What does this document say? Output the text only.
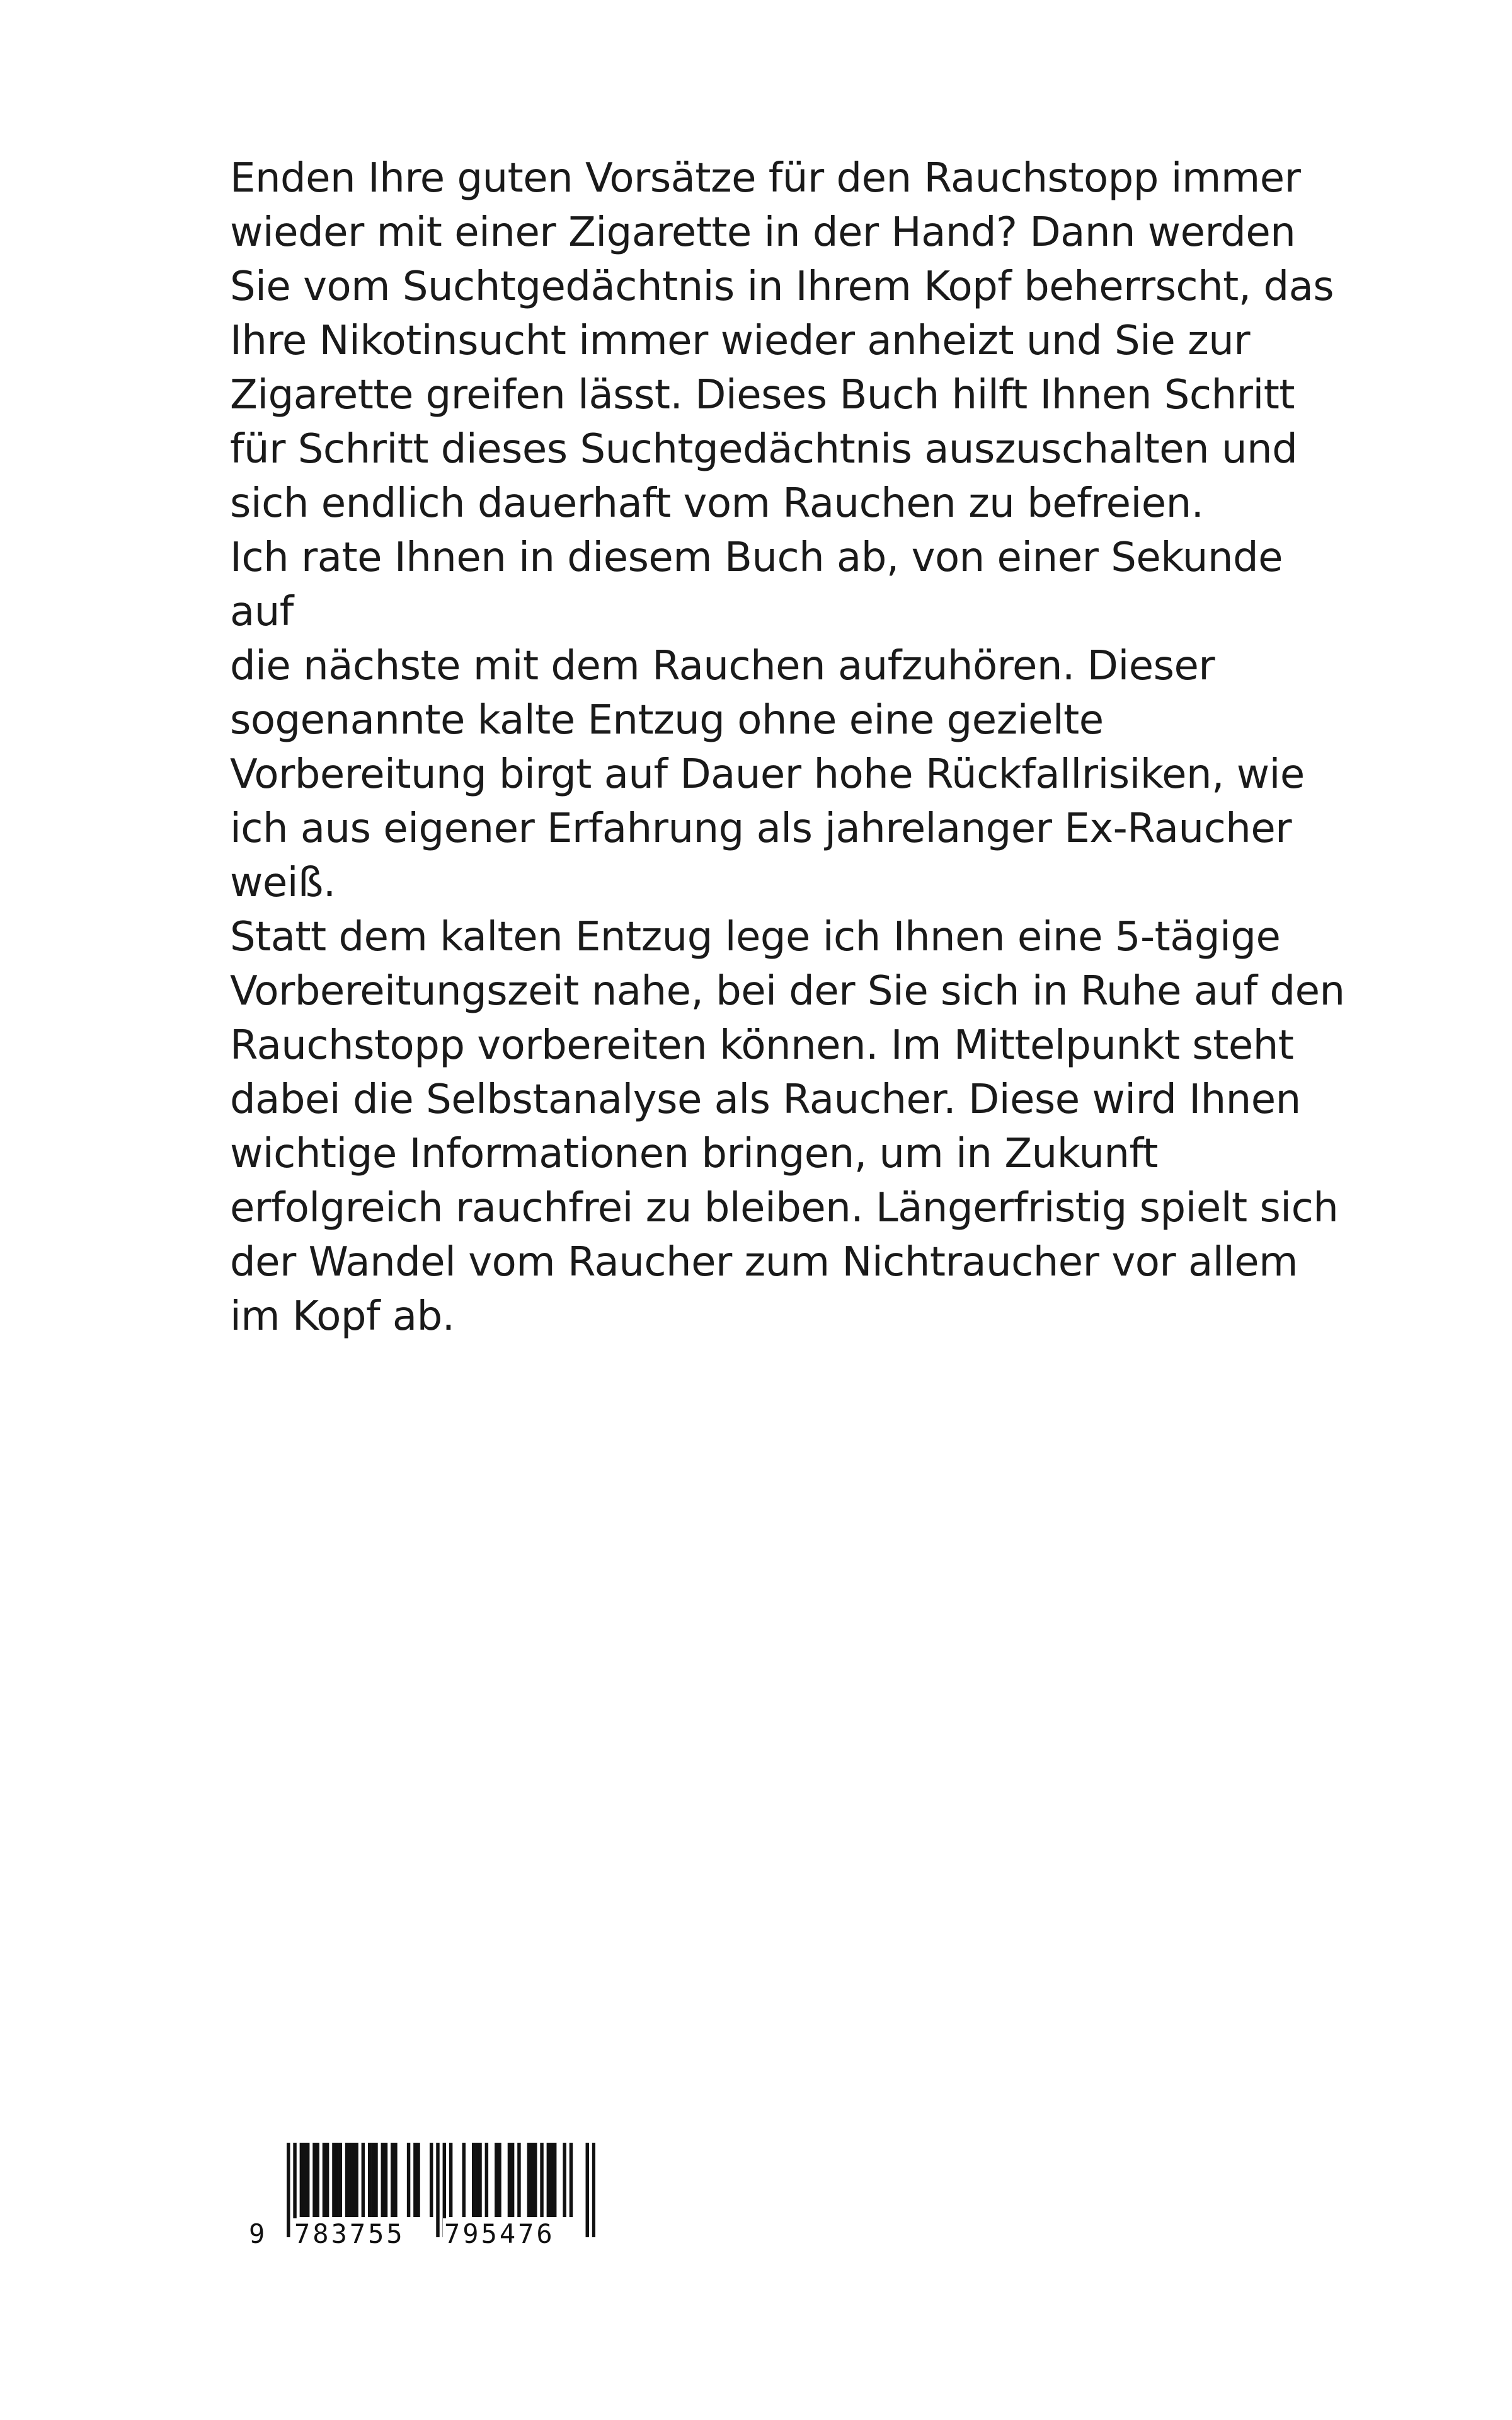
Enden Ihre guten Vorsätze für den Rauchstopp immer
wieder mit einer Zigarette in der Hand? Dann werden
Sie vom Suchtgedächtnis in Ihrem Kopf beherrscht, das
Ihre Nikotinsucht immer wieder anheizt und Sie zur
Zigarette greifen lässt. Dieses Buch hilft Ihnen Schritt
für Schritt dieses Suchtgedächtnis auszuschalten und
sich endlich dauerhaft vom Rauchen zu befreien.

Ich rate Ihnen in diesem Buch ab, von einer Sekunde auf
die nächste mit dem Rauchen aufzuhören. Dieser
sogenannte kalte Entzug ohne eine gezielte
Vorbereitung birgt auf Dauer hohe Rückfallrisiken, wie
ich aus eigener Erfahrung als jahrelanger Ex-Raucher
weiß.

Statt dem kalten Entzug lege ich Ihnen eine 5-tägige
Vorbereitungszeit nahe, bei der Sie sich in Ruhe auf den
Rauchstopp vorbereiten können. Im Mittelpunkt steht
dabei die Selbstanalyse als Raucher. Diese wird Ihnen
wichtige Informationen bringen, um in Zukunft
erfolgreich rauchfrei zu bleiben. Längerfristig spielt sich
der Wandel vom Raucher zum Nichtraucher vor allem
im Kopf ab.

9 783755 795476
